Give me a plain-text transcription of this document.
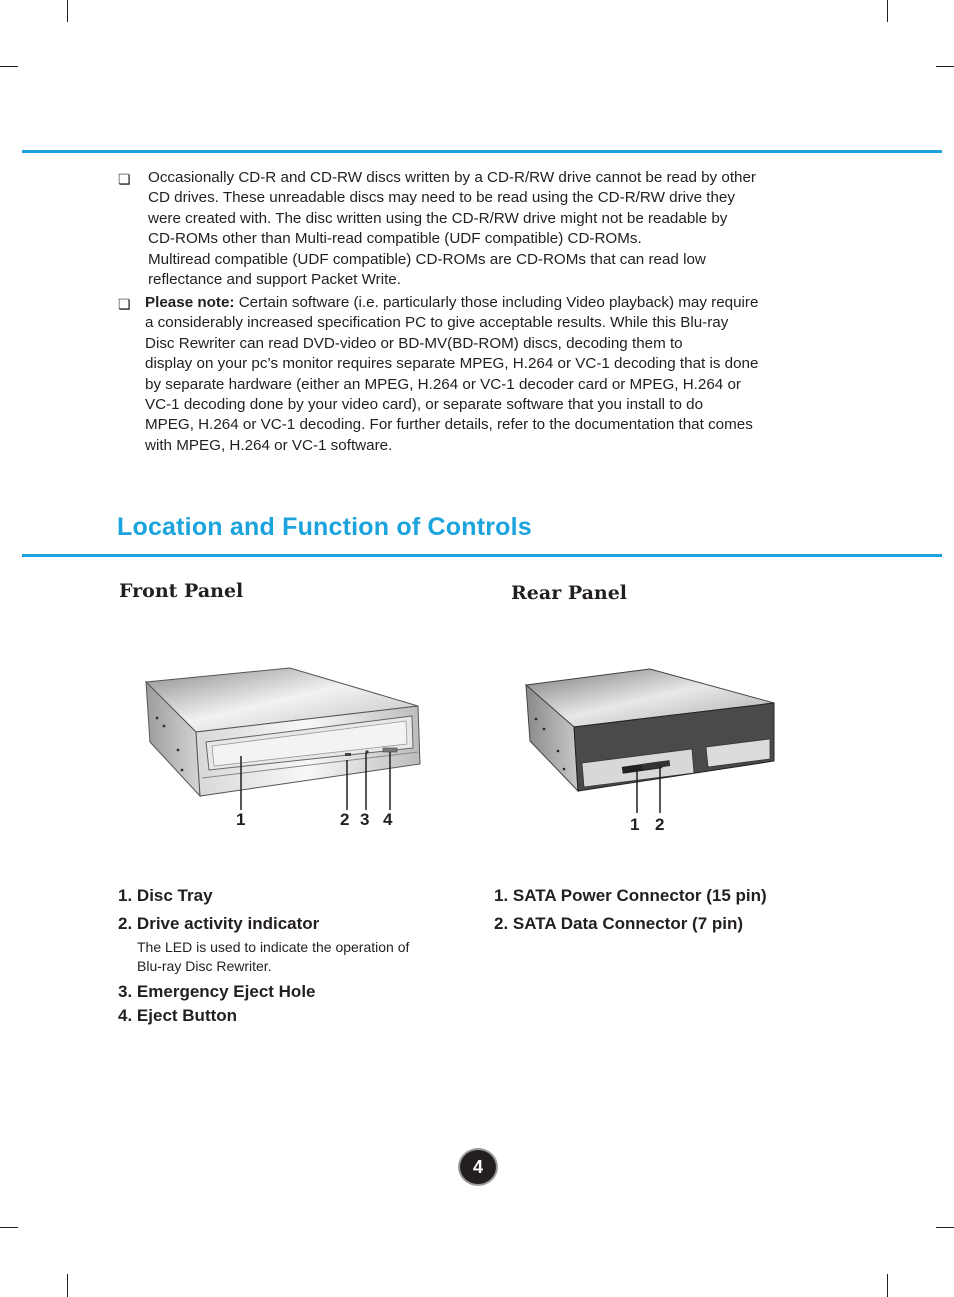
❏ Occasionally CD-R and CD-RW discs written by a CD-R/RW drive cannot be read by other
CD drives. These unreadable discs may need to be read using the CD-R/RW drive they
were created with. The disc written using the CD-R/RW drive might not be readable by
CD-ROMs other than Multi-read compatible (UDF compatible) CD-ROMs.
Multiread compatible (UDF compatible) CD-ROMs are CD-ROMs that can read low
reflectance and support Packet Write.
❏ Please note: Certain software (i.e. particularly those including Video playback) may require
a considerably increased specification PC to give acceptable results. While this Blu-ray
Disc Rewriter can read DVD-video or BD-MV(BD-ROM) discs, decoding them to
display on your pc’s monitor requires separate MPEG, H.264 or VC-1 decoding that is done
by separate hardware (either an MPEG, H.264 or VC-1 decoder card or MPEG, H.264 or
VC-1 decoding done by your video card), or separate software that you install to do
MPEG, H.264 or VC-1 decoding. For further details, refer to the documentation that comes
with MPEG, H.264 or VC-1 software.
Location and Function of Controls
Front Panel	Rear Panel
1	2 3 4	1 2
1. Disc Tray
2. Drive activity indicator
The LED is used to indicate the operation of
Blu-ray Disc Rewriter.
3. Emergency Eject Hole
4. Eject Button
1. SATA Power Connector (15 pin)
2. SATA Data Connector (7 pin)
4
